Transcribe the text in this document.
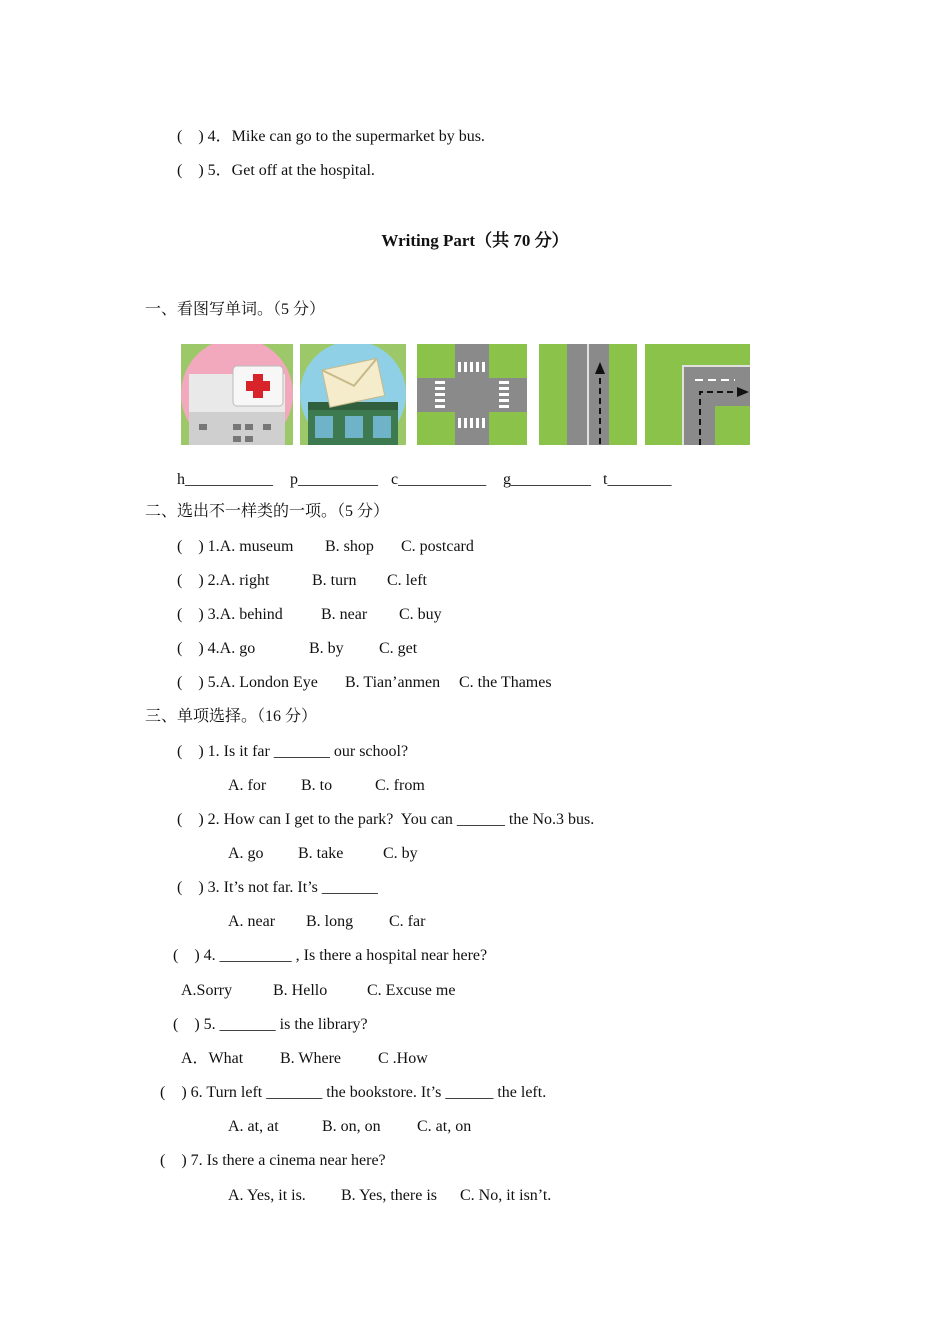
(    ) 4．Mike can go to the supermarket by bus.
(    ) 5．Get off at the hospital.
Writing Part（共 70 分）
一、看图写单词。（5 分）
h___________ p__________ c___________ g__________ t________
二、选出不一样类的一项。（5 分）
(    ) 1.A. museum B. shop C. postcard
(    ) 2.A. right	B. turn C. left
(    ) 3.A. behind B. near C. buy
(    ) 4.A. go	B. by C. get
(    ) 5.A. London Eye B. Tian’anmen C. the Thames
三、单项选择。（16 分）
(    ) 1. Is it far _______ our school?
A. for B. to	C. from
(    ) 2. How can I get to the park?  You can ______ the No.3 bus.
A. go B. take C. by
(    ) 3. It’s not far. It’s _______
A. near B. long C. far
(    ) 4. _________ , Is there a hospital near here?
A.Sorry	B. Hello C. Excuse me
(    ) 5. _______ is the library?
A．What B. Where C .How
(    ) 6. Turn left _______ the bookstore. It’s ______ the left.
A. at, at	B. on, on C. at, on
(    ) 7. Is there a cinema near here?
A. Yes, it is. B. Yes, there is C. No, it isn’t.
